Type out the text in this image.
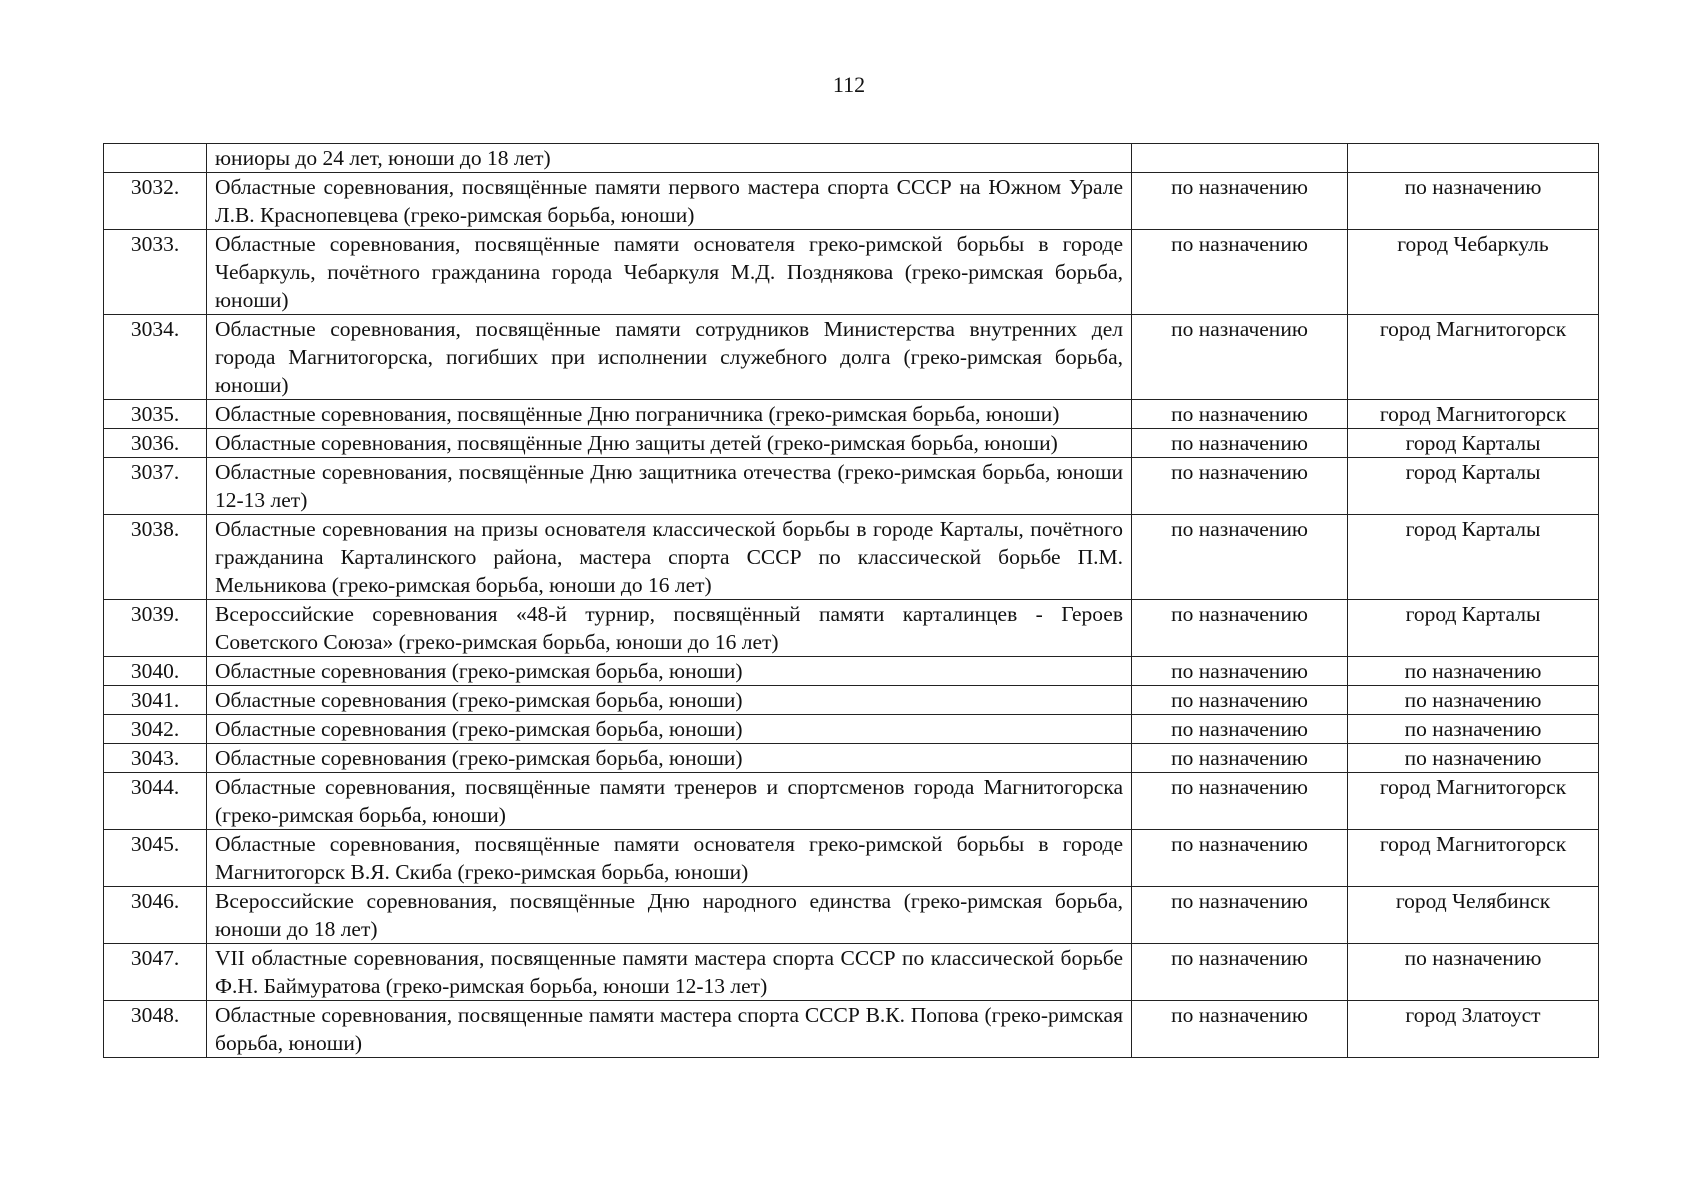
112
	юниоры до 24 лет, юноши до 18 лет)		
3032.	Областные соревнования, посвящённые памяти первого мастера спорта СССР на Южном Урале Л.В. Краснопевцева (греко-римская борьба, юноши)	по назначению	по назначению
3033.	Областные соревнования, посвящённые памяти основателя греко-римской борьбы в городе Чебаркуль, почётного гражданина города Чебаркуля М.Д. Позднякова (греко-римская борьба, юноши)	по назначению	город Чебаркуль
3034.	Областные соревнования, посвящённые памяти сотрудников Министерства внутренних дел города Магнитогорска, погибших при исполнении служебного долга (греко-римская борьба, юноши)	по назначению	город Магнитогорск
3035.	Областные соревнования, посвящённые Дню пограничника (греко-римская борьба, юноши)	по назначению	город Магнитогорск
3036.	Областные соревнования, посвящённые Дню защиты детей (греко-римская борьба, юноши)	по назначению	город Карталы
3037.	Областные соревнования, посвящённые Дню защитника отечества (греко-римская борьба, юноши 12-13 лет)	по назначению	город Карталы
3038.	Областные соревнования на призы основателя классической борьбы в городе Карталы, почётного гражданина Карталинского района, мастера спорта СССР по классической борьбе П.М. Мельникова (греко-римская борьба, юноши до 16 лет)	по назначению	город Карталы
3039.	Всероссийские соревнования «48-й турнир, посвящённый памяти карталинцев - Героев Советского Союза» (греко-римская борьба, юноши до 16 лет)	по назначению	город Карталы
3040.	Областные соревнования (греко-римская борьба, юноши)	по назначению	по назначению
3041.	Областные соревнования (греко-римская борьба, юноши)	по назначению	по назначению
3042.	Областные соревнования (греко-римская борьба, юноши)	по назначению	по назначению
3043.	Областные соревнования (греко-римская борьба, юноши)	по назначению	по назначению
3044.	Областные соревнования, посвящённые памяти тренеров и спортсменов города Магнитогорска (греко-римская борьба, юноши)	по назначению	город Магнитогорск
3045.	Областные соревнования, посвящённые памяти основателя греко-римской борьбы в городе Магнитогорск В.Я. Скиба (греко-римская борьба, юноши)	по назначению	город Магнитогорск
3046.	Всероссийские соревнования, посвящённые Дню народного единства (греко-римская борьба, юноши до 18 лет)	по назначению	город Челябинск
3047.	VII областные соревнования, посвященные памяти мастера спорта СССР по классической борьбе Ф.Н. Баймуратова (греко-римская борьба, юноши 12-13 лет)	по назначению	по назначению
3048.	Областные соревнования, посвященные памяти мастера спорта СССР В.К. Попова (греко-римская борьба, юноши)	по назначению	город Златоуст
